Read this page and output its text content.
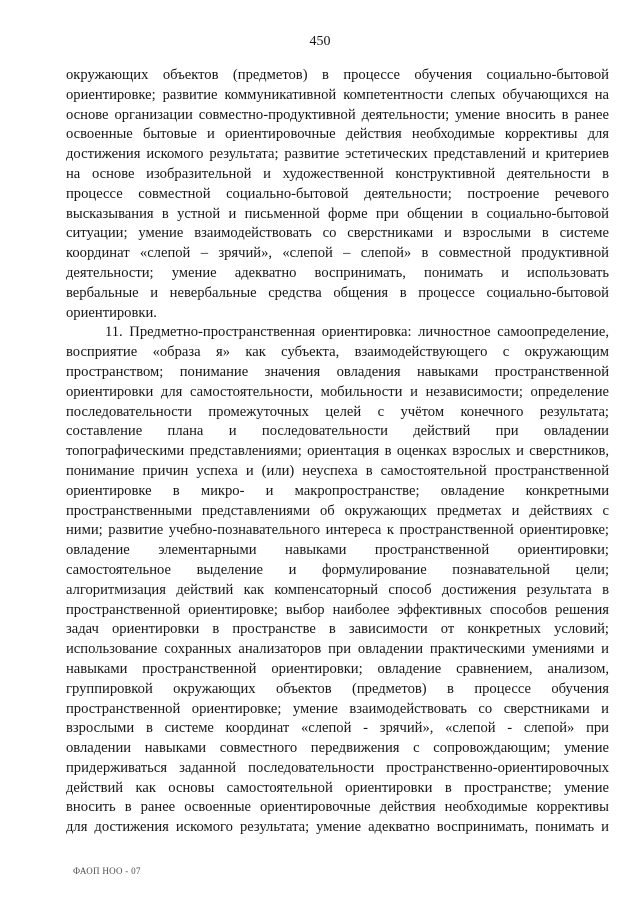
450
окружающих объектов (предметов) в процессе обучения социально-бытовой
ориентировке; развитие коммуникативной компетентности слепых обучающихся на
основе организации совместно-продуктивной деятельности; умение вносить в ранее
освоенные бытовые и ориентировочные действия необходимые коррективы для
достижения искомого результата; развитие эстетических представлений и критериев
на основе изобразительной и художественной конструктивной деятельности в
процессе совместной социально-бытовой деятельности; построение речевого
высказывания в устной и письменной форме при общении в социально-бытовой
ситуации; умение взаимодействовать со сверстниками и взрослыми в системе
координат «слепой – зрячий», «слепой – слепой» в совместной продуктивной
деятельности; умение адекватно воспринимать, понимать и использовать
вербальные и невербальные средства общения в процессе социально-бытовой
ориентировки.
11. Предметно-пространственная ориентировка: личностное самоопределение,
восприятие «образа я» как субъекта, взаимодействующего с окружающим
пространством; понимание значения овладения навыками пространственной
ориентировки для самостоятельности, мобильности и независимости; определение
последовательности промежуточных целей с учётом конечного результата;
составление плана и последовательности действий при овладении
топографическими представлениями; ориентация в оценках взрослых и сверстников,
понимание причин успеха и (или) неуспеха в самостоятельной пространственной
ориентировке в микро- и макропространстве; овладение конкретными
пространственными представлениями об окружающих предметах и действиях с
ними; развитие учебно-познавательного интереса к пространственной ориентировке;
овладение элементарными навыками пространственной ориентировки;
самостоятельное выделение и формулирование познавательной цели;
алгоритмизация действий как компенсаторный способ достижения результата в
пространственной ориентировке; выбор наиболее эффективных способов решения
задач ориентировки в пространстве в зависимости от конкретных условий;
использование сохранных анализаторов при овладении практическими умениями и
навыками пространственной ориентировки; овладение сравнением, анализом,
группировкой окружающих объектов (предметов) в процессе обучения
пространственной ориентировке; умение взаимодействовать со сверстниками и
взрослыми в системе координат «слепой - зрячий», «слепой - слепой» при
овладении навыками совместного передвижения с сопровождающим; умение
придерживаться заданной последовательности пространственно-ориентировочных
действий как основы самостоятельной ориентировки в пространстве; умение
вносить в ранее освоенные ориентировочные действия необходимые коррективы
для достижения искомого результата; умение адекватно воспринимать, понимать и
ФАОП НОО - 07
